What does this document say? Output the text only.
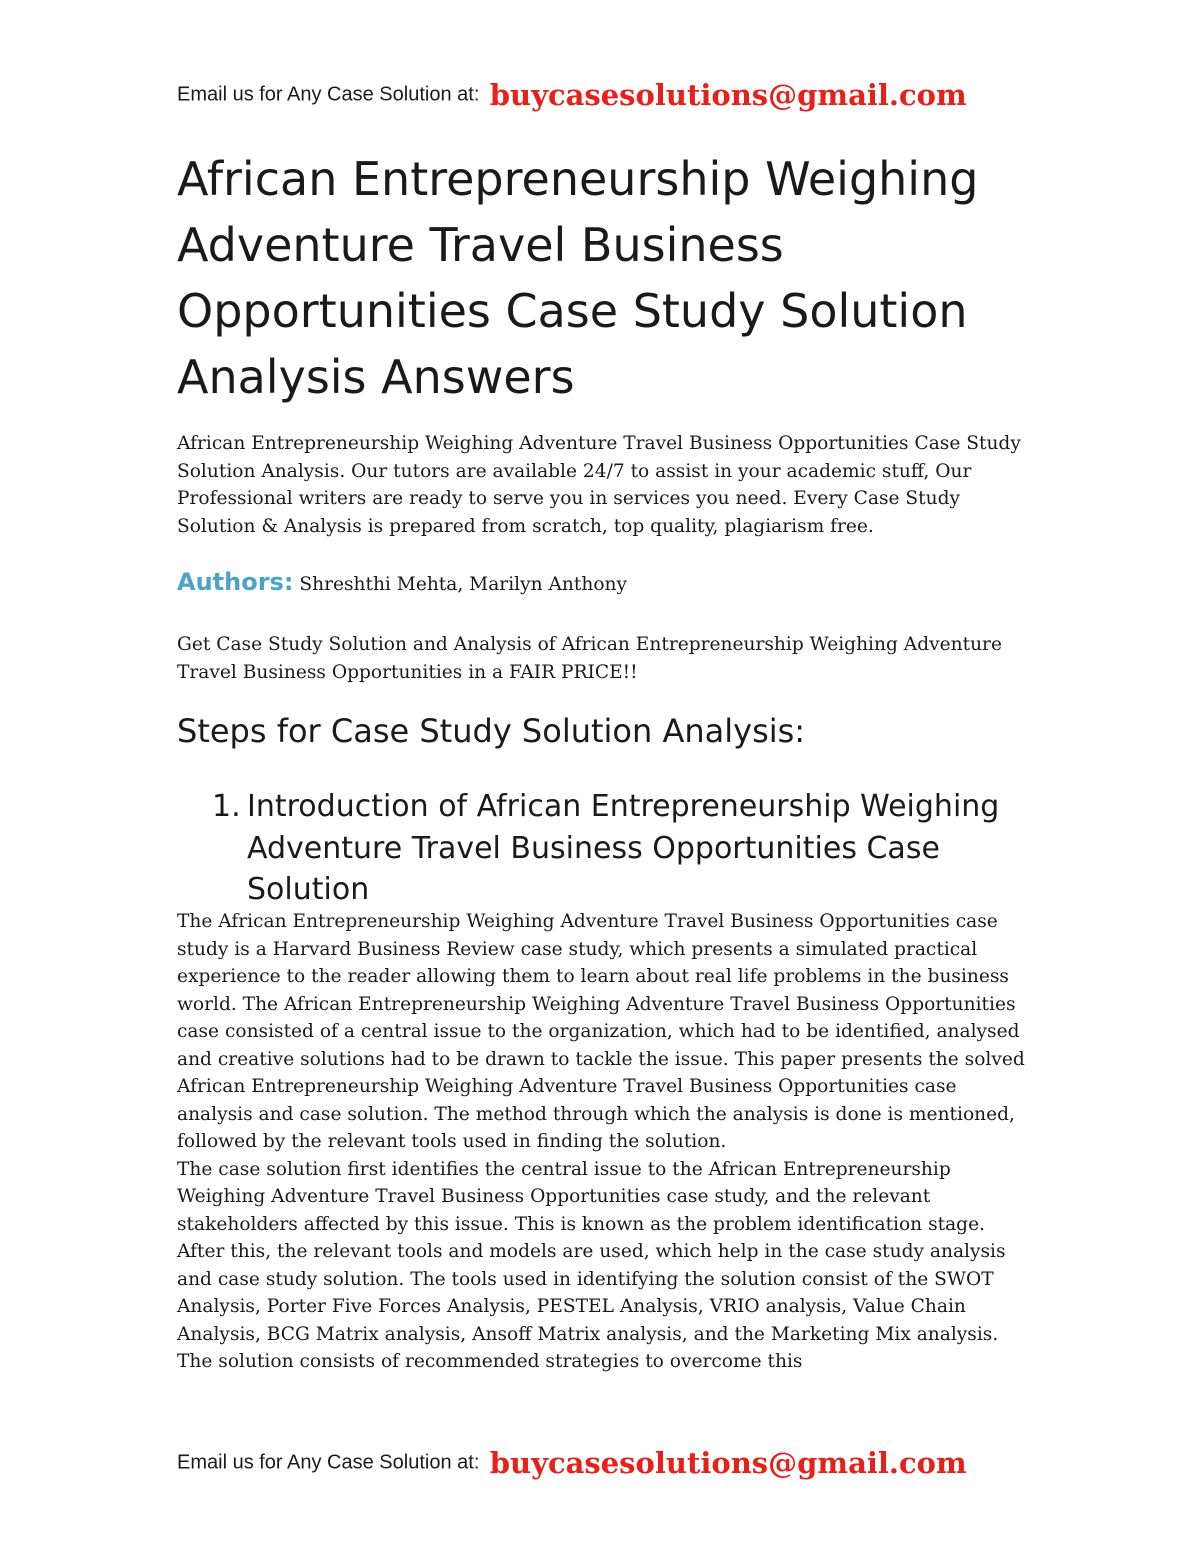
Email us for Any Case Solution at: buycasesolutions@gmail.com
African Entrepreneurship Weighing Adventure Travel Business Opportunities Case Study Solution Analysis Answers

African Entrepreneurship Weighing Adventure Travel Business Opportunities Case Study Solution Analysis. Our tutors are available 24/7 to assist in your academic stuff, Our Professional writers are ready to serve you in services you need. Every Case Study Solution & Analysis is prepared from scratch, top quality, plagiarism free.

Authors: Shreshthi Mehta, Marilyn Anthony

Get Case Study Solution and Analysis of African Entrepreneurship Weighing Adventure Travel Business Opportunities in a FAIR PRICE!!

Steps for Case Study Solution Analysis:
1. Introduction of African Entrepreneurship Weighing Adventure Travel Business Opportunities Case Solution

The African Entrepreneurship Weighing Adventure Travel Business Opportunities case study is a Harvard Business Review case study, which presents a simulated practical experience to the reader allowing them to learn about real life problems in the business world. The African Entrepreneurship Weighing Adventure Travel Business Opportunities case consisted of a central issue to the organization, which had to be identified, analysed and creative solutions had to be drawn to tackle the issue. This paper presents the solved African Entrepreneurship Weighing Adventure Travel Business Opportunities case analysis and case solution. The method through which the analysis is done is mentioned, followed by the relevant tools used in finding the solution.

The case solution first identifies the central issue to the African Entrepreneurship Weighing Adventure Travel Business Opportunities case study, and the relevant stakeholders affected by this issue. This is known as the problem identification stage. After this, the relevant tools and models are used, which help in the case study analysis and case study solution. The tools used in identifying the solution consist of the SWOT Analysis, Porter Five Forces Analysis, PESTEL Analysis, VRIO analysis, Value Chain Analysis, BCG Matrix analysis, Ansoff Matrix analysis, and the Marketing Mix analysis. The solution consists of recommended strategies to overcome this

Email us for Any Case Solution at: buycasesolutions@gmail.com
